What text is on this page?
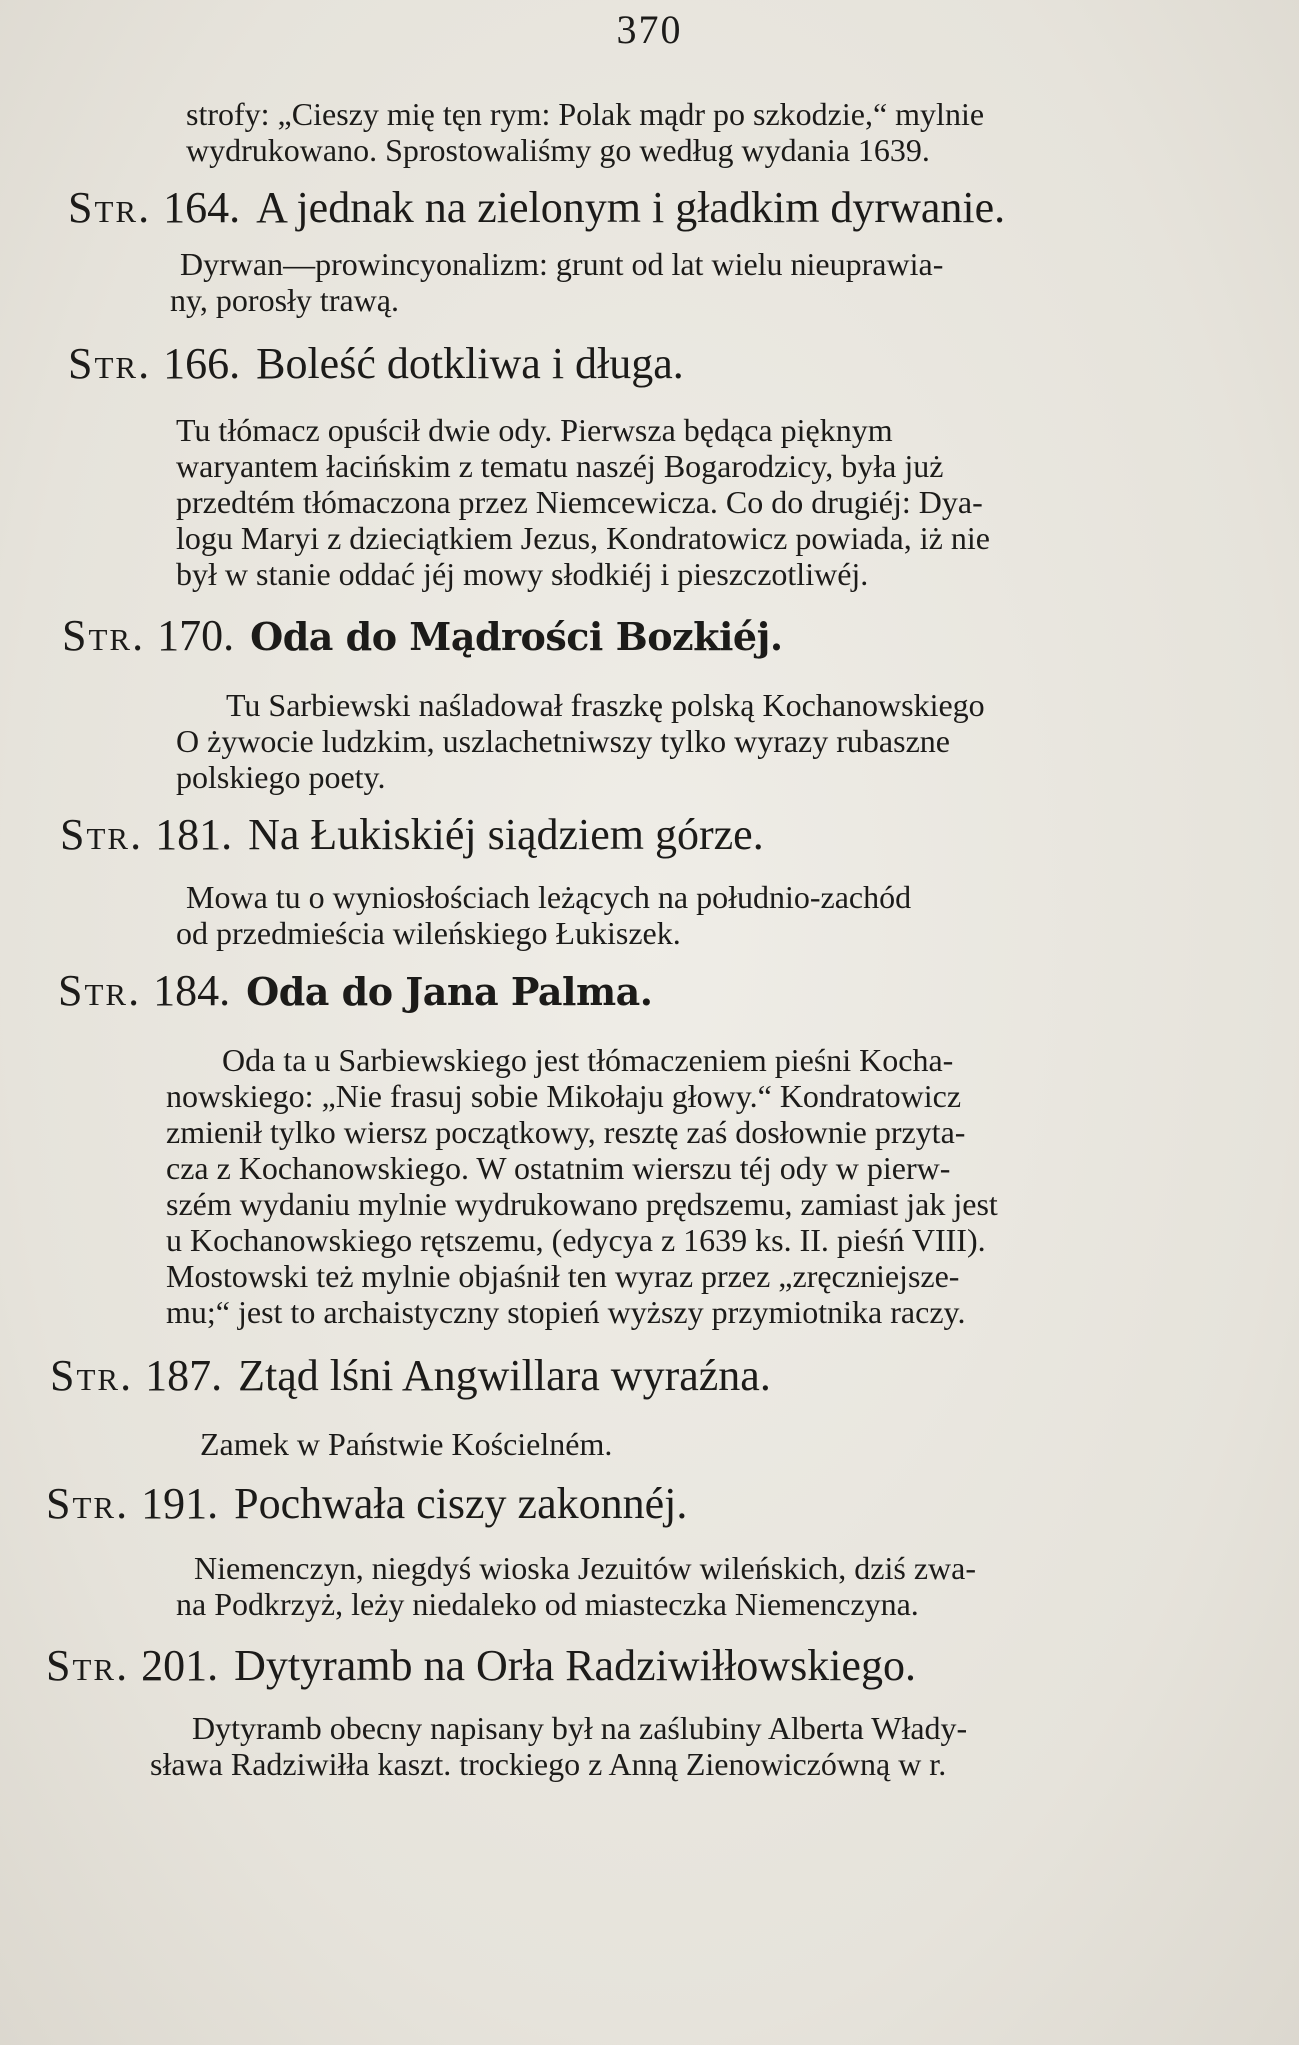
370
strofy: „Cieszy mię tęn rym: Polak mądr po szkodzie,“ mylnie
wydrukowano. Sprostowaliśmy go według wydania 1639.
Str. 164. A jednak na zielonym i gładkim dyrwanie.
Dyrwan—prowincyonalizm: grunt od lat wielu nieuprawia-
ny, porosły trawą.
Str. 166. Boleść dotkliwa i długa.
Tu tłómacz opuścił dwie ody. Pierwsza będąca pięknym
waryantem łacińskim z tematu naszéj Bogarodzicy, była już
przedtém tłómaczona przez Niemcewicza. Co do drugiéj: Dya-
logu Maryi z dzieciątkiem Jezus, Kondratowicz powiada, iż nie
był w stanie oddać jéj mowy słodkiéj i pieszczotliwéj.
Str. 170. Oda do Mądrości Bozkiéj.
Tu Sarbiewski naśladował fraszkę polską Kochanowskiego
O żywocie ludzkim, uszlachetniwszy tylko wyrazy rubaszne
polskiego poety.
Str. 181. Na Łukiskiéj siądziem górze.
Mowa tu o wyniosłościach leżących na południo-zachód
od przedmieścia wileńskiego Łukiszek.
Str. 184. Oda do Jana Palma.
Oda ta u Sarbiewskiego jest tłómaczeniem pieśni Kocha-
nowskiego: „Nie frasuj sobie Mikołaju głowy.“ Kondratowicz
zmienił tylko wiersz początkowy, resztę zaś dosłownie przyta-
cza z Kochanowskiego. W ostatnim wierszu téj ody w pierw-
szém wydaniu mylnie wydrukowano prędszemu, zamiast jak jest
u Kochanowskiego rętszemu, (edycya z 1639 ks. II. pieśń VIII).
Mostowski też mylnie objaśnił ten wyraz przez „zręczniejsze-
mu;“ jest to archaistyczny stopień wyższy przymiotnika raczy.
Str. 187. Ztąd lśni Angwillara wyraźna.
Zamek w Państwie Kościelném.
Str. 191. Pochwała ciszy zakonnéj.
Niemenczyn, niegdyś wioska Jezuitów wileńskich, dziś zwa-
na Podkrzyż, leży niedaleko od miasteczka Niemenczyna.
Str. 201. Dytyramb na Orła Radziwiłłowskiego.
Dytyramb obecny napisany był na zaślubiny Alberta Włady-
sława Radziwiłła kaszt. trockiego z Anną Zienowiczówną w r.
